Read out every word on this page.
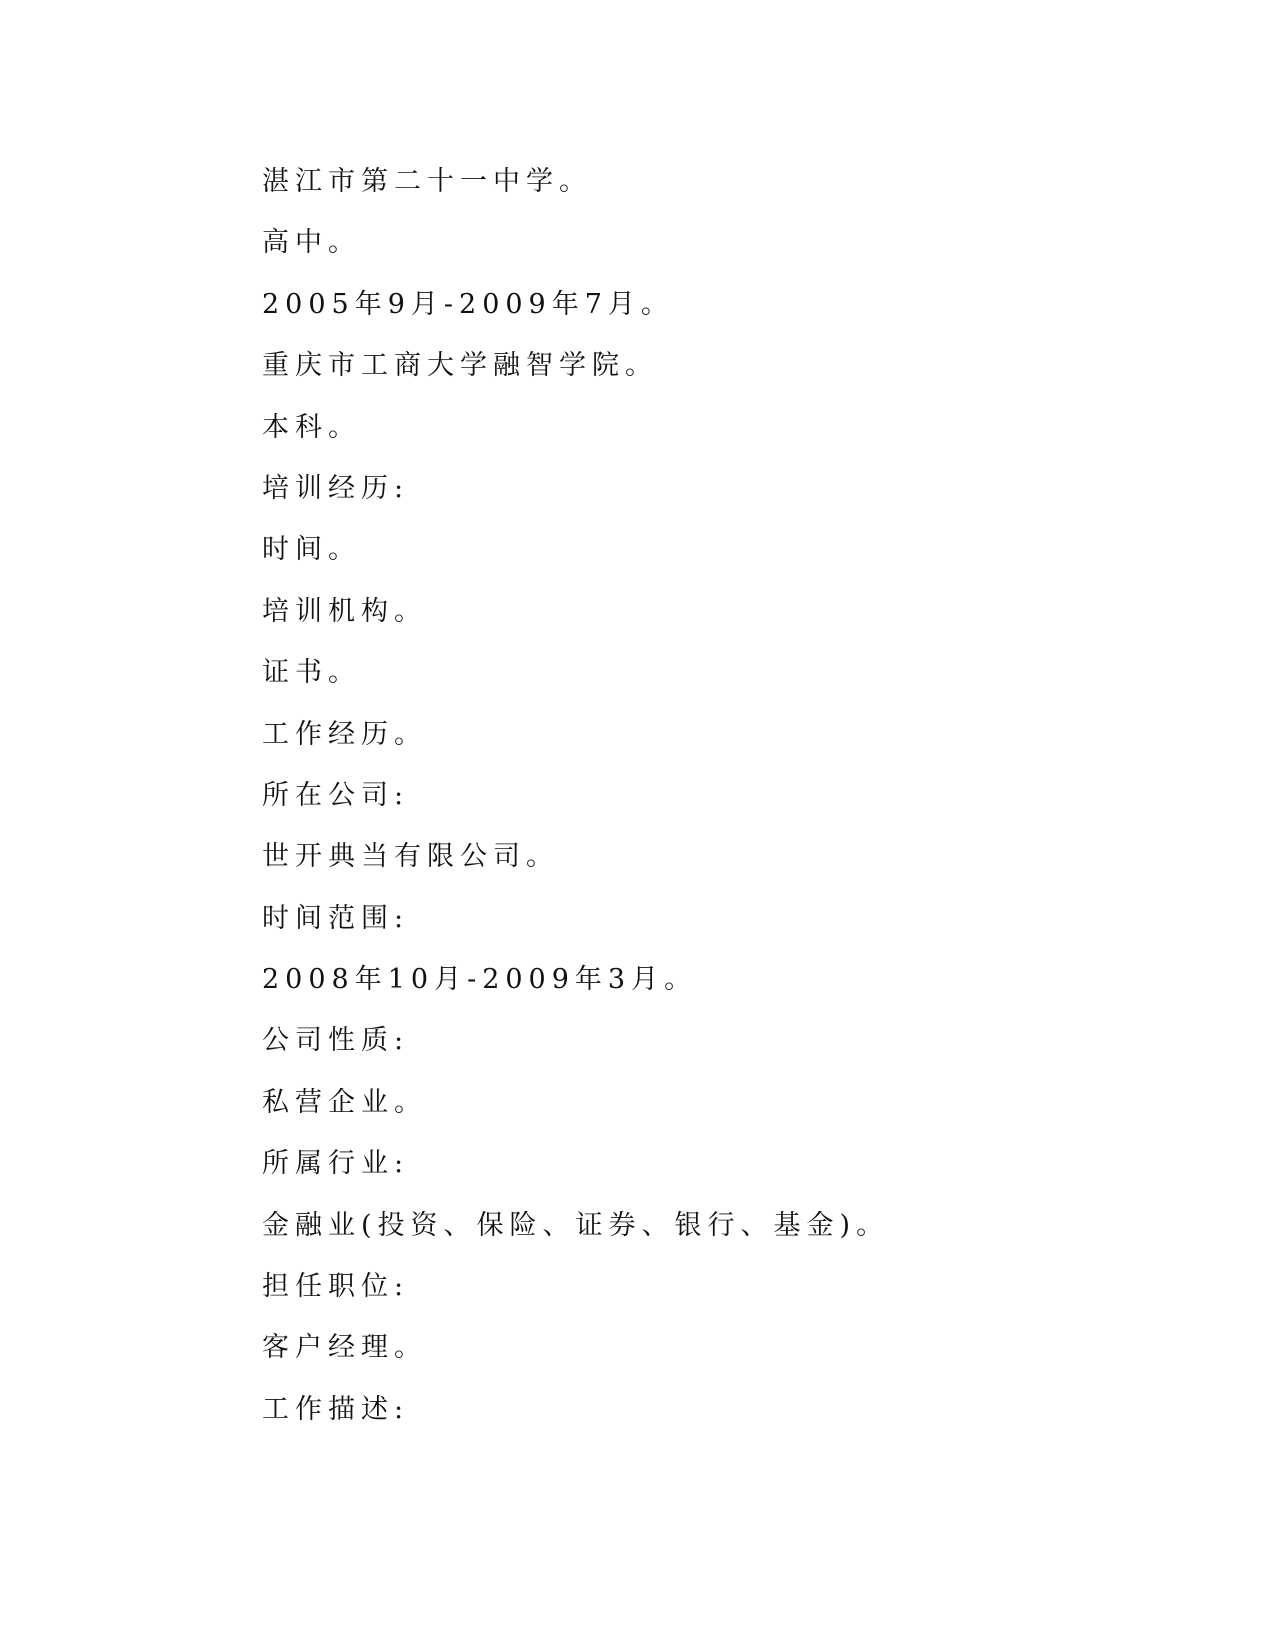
湛江市第二十一中学。
高中。
2005年9月-2009年7月。
重庆市工商大学融智学院。
本科。
培训经历:
时间。
培训机构。
证书。
工作经历。
所在公司:
世开典当有限公司。
时间范围:
2008年10月-2009年3月。
公司性质:
私营企业。
所属行业:
金融业(投资、保险、证券、银行、基金)。
担任职位:
客户经理。
工作描述:
